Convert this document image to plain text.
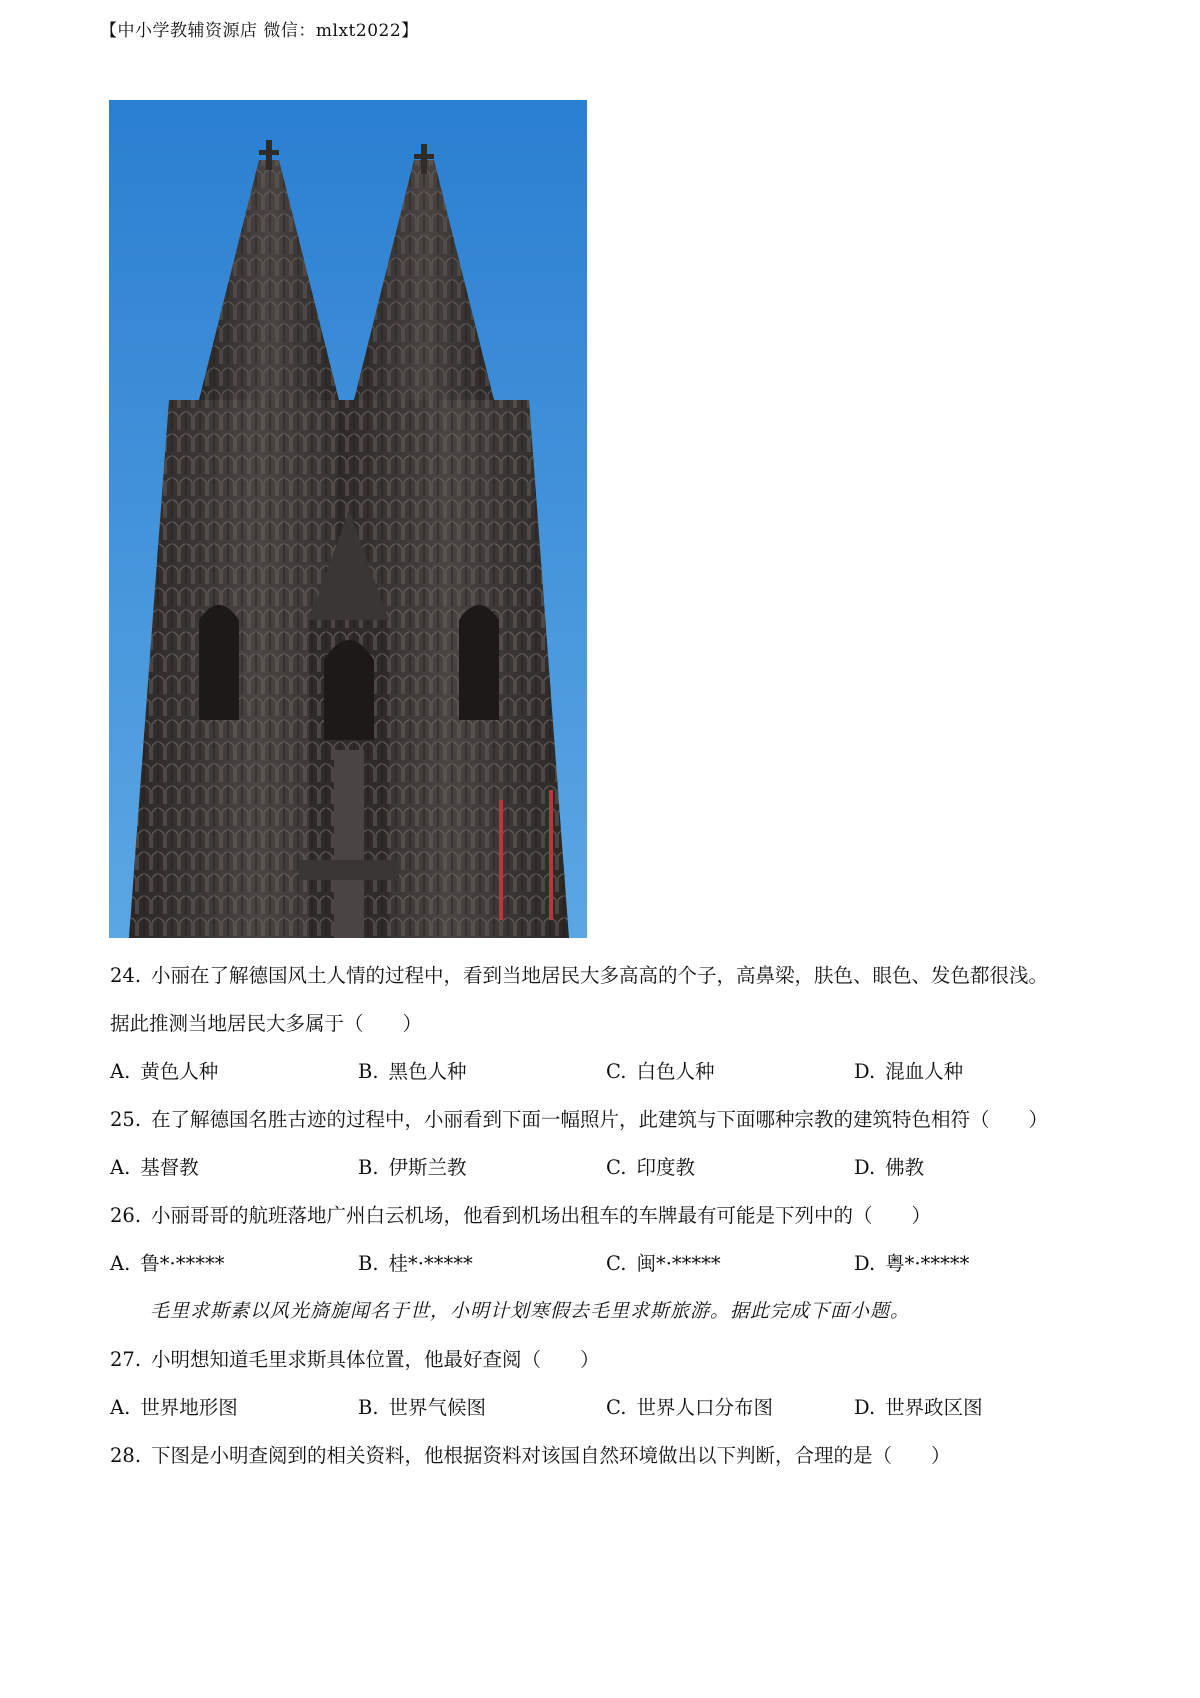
【中小学教辅资源店 微信：mlxt2022】
24. 小丽在了解德国风土人情的过程中，看到当地居民大多高高的个子，高鼻梁，肤色、眼色、发色都很浅。
据此推测当地居民大多属于（　　）
A. 黄色人种	B. 黑色人种	C. 白色人种	D. 混血人种
25. 在了解德国名胜古迹的过程中，小丽看到下面一幅照片，此建筑与下面哪种宗教的建筑特色相符（　　）
A. 基督教	B. 伊斯兰教	C. 印度教	D. 佛教
26. 小丽哥哥的航班落地广州白云机场，他看到机场出租车的车牌最有可能是下列中的（　　）
A. 鲁*·*****	B. 桂*·*****	C. 闽*·*****	D. 粤*·*****
毛里求斯素以风光旖旎闻名于世，小明计划寒假去毛里求斯旅游。据此完成下面小题。
27. 小明想知道毛里求斯具体位置，他最好查阅（　　）
A. 世界地形图	B. 世界气候图	C. 世界人口分布图	D. 世界政区图
28. 下图是小明查阅到的相关资料，他根据资料对该国自然环境做出以下判断，合理的是（　　）
